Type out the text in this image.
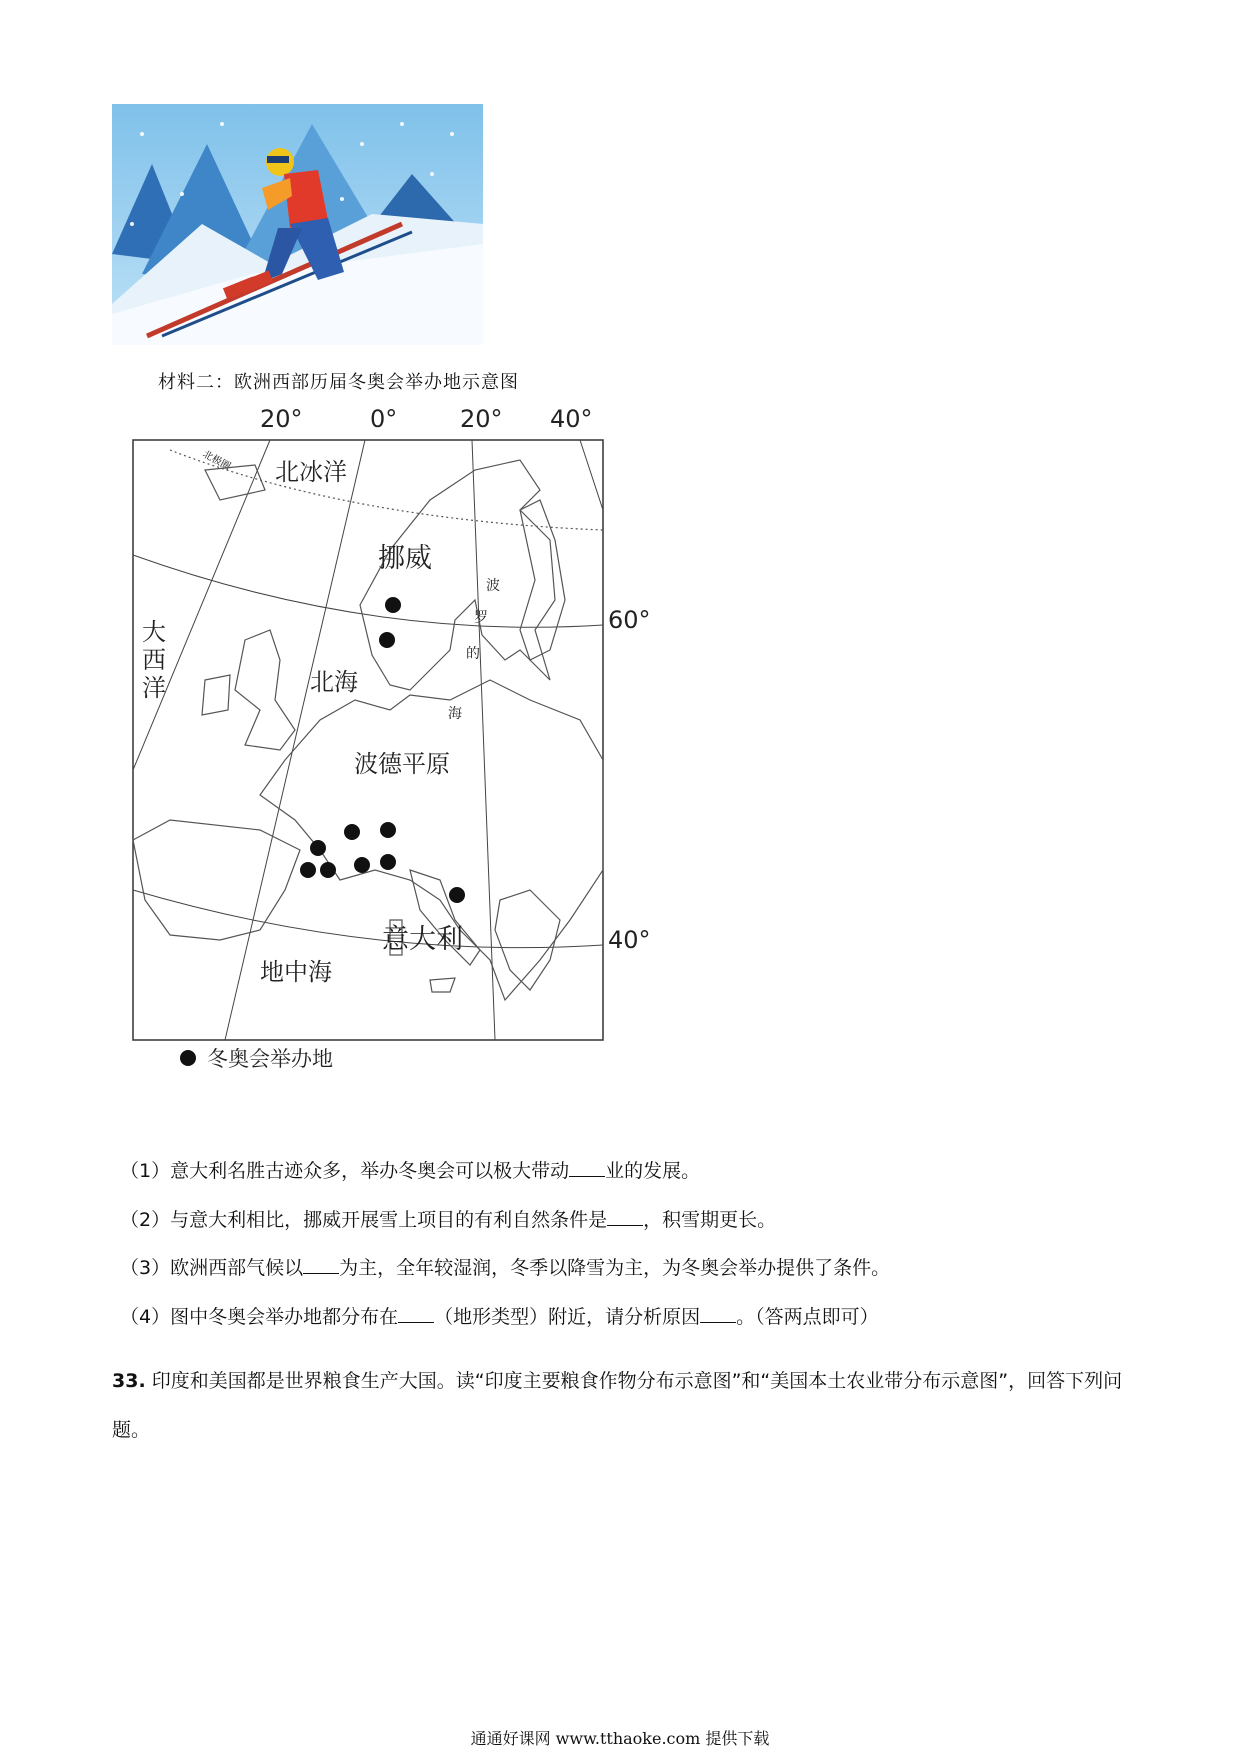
材料二：欧洲西部历届冬奥会举办地示意图
20°	0°	20° 40°
60°
40°
北极圈 北冰洋
挪威
大
西
洋	北海
波
罗
的
海
波德平原
意大利
地中海
冬奥会举办地
（1）意大利名胜古迹众多，举办冬奥会可以极大带动 业的发展。
（2）与意大利相比，挪威开展雪上项目的有利自然条件是 ，积雪期更长。
（3）欧洲西部气候以 为主，全年较湿润，冬季以降雪为主，为冬奥会举办提供了条件。
（4）图中冬奥会举办地都分布在 （地形类型）附近，请分析原因 。（答两点即可）
33. 印度和美国都是世界粮食生产大国。读“印度主要粮食作物分布示意图”和“美国本土农业带分布示意图”，回答下列问题。
通通好课网 www.tthaoke.com 提供下载
